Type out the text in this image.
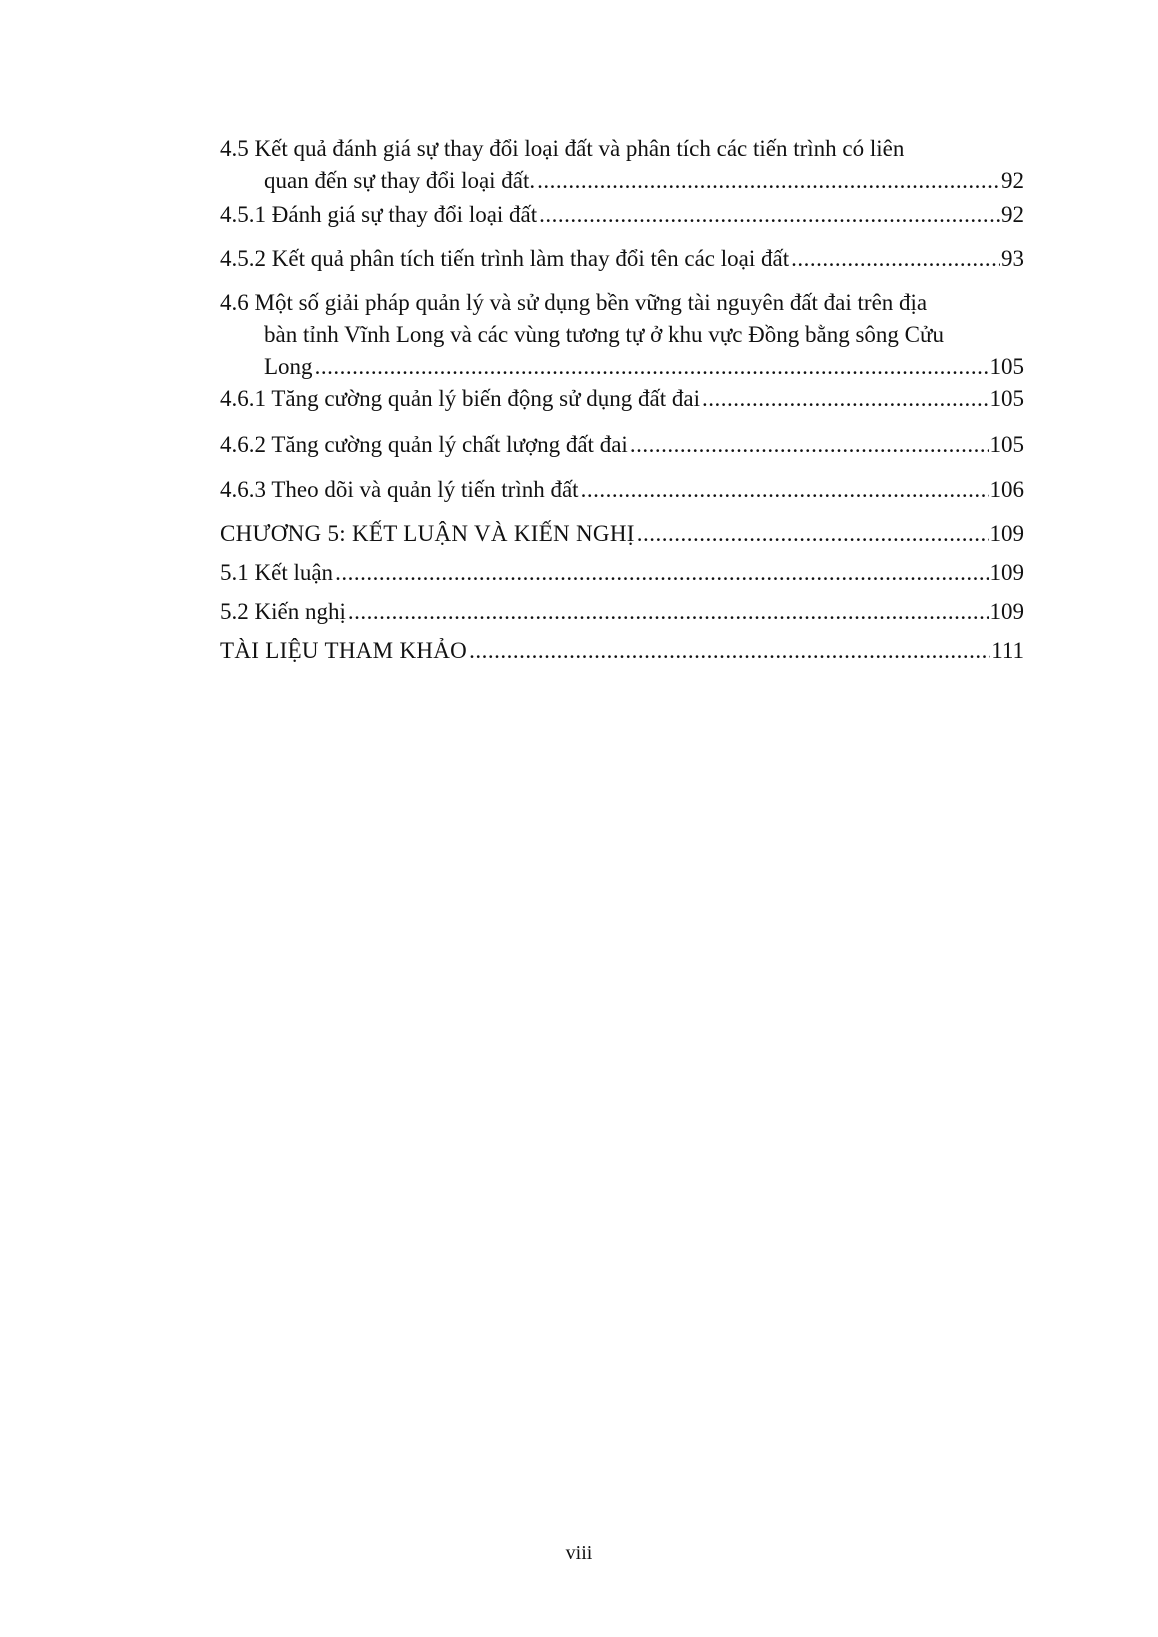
4.5 Kết quả đánh giá sự thay đổi loại đất và phân tích các tiến trình có liên
quan đến sự thay đổi loại đất. .....	92
4.5.1 Đánh giá sự thay đổi loại đất .....	92
4.5.2 Kết quả phân tích tiến trình làm thay đổi tên các loại đất .....	93
4.6 Một số giải pháp quản lý và sử dụng bền vững tài nguyên đất đai trên địa
bàn tỉnh Vĩnh Long và các vùng tương tự ở khu vực Đồng bằng sông Cửu
Long .....	105
4.6.1 Tăng cường quản lý biến động sử dụng đất đai .....	105
4.6.2 Tăng cường quản lý chất lượng đất đai .....	105
4.6.3 Theo dõi và quản lý tiến trình đất .....	106
CHƯƠNG 5: KẾT LUẬN VÀ KIẾN NGHỊ .....	109
5.1 Kết luận .....	109
5.2 Kiến nghị .....	109
TÀI LIỆU THAM KHẢO .....	111
viii
